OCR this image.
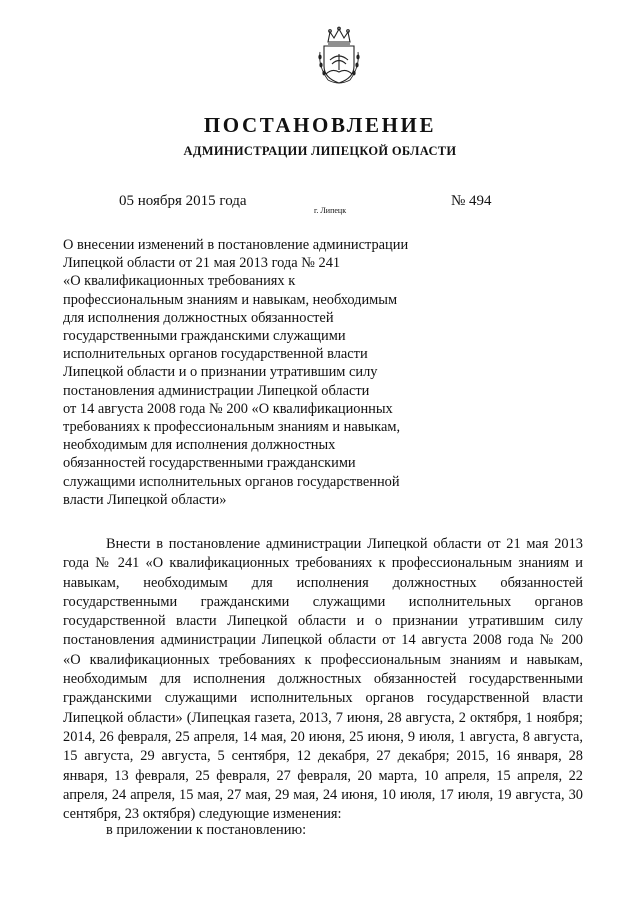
ПОСТАНОВЛЕНИЕ
АДМИНИСТРАЦИИ ЛИПЕЦКОЙ ОБЛАСТИ
05 ноября 2015 года
г. Липецк
№ 494
О внесении изменений в постановление администрации
Липецкой области от 21 мая 2013 года № 241
«О квалификационных требованиях к
профессиональным знаниям и навыкам, необходимым
для исполнения должностных обязанностей
государственными гражданскими служащими
исполнительных органов государственной власти
Липецкой области и о признании утратившим силу
постановления администрации Липецкой области
от 14 августа 2008 года № 200 «О квалификационных
требованиях к профессиональным знаниям и навыкам,
необходимым для исполнения должностных
обязанностей государственными гражданскими
служащими исполнительных органов государственной
власти Липецкой области»
Внести в постановление администрации Липецкой области от 21 мая 2013
года № 241 «О квалификационных требованиях к профессиональным знаниям и
навыкам, необходимым для исполнения должностных обязанностей
государственными гражданскими служащими исполнительных органов
государственной власти Липецкой области и о признании утратившим силу
постановления администрации Липецкой области от 14 августа 2008 года № 200
«О квалификационных требованиях к профессиональным знаниям и навыкам,
необходимым для исполнения должностных обязанностей государственными
гражданскими служащими исполнительных органов государственной власти
Липецкой области» (Липецкая газета, 2013, 7 июня, 28 августа, 2 октября, 1 ноября;
2014, 26 февраля, 25 апреля, 14 мая, 20 июня, 25 июня, 9 июля, 1 августа, 8 августа,
15 августа, 29 августа, 5 сентября, 12 декабря, 27 декабря; 2015, 16 января, 28
января, 13 февраля, 25 февраля, 27 февраля, 20 марта, 10 апреля, 15 апреля, 22
апреля, 24 апреля, 15 мая, 27 мая, 29 мая, 24 июня, 10 июля, 17 июля, 19 августа, 30
сентября, 23 октября) следующие изменения:
в приложении к постановлению:
